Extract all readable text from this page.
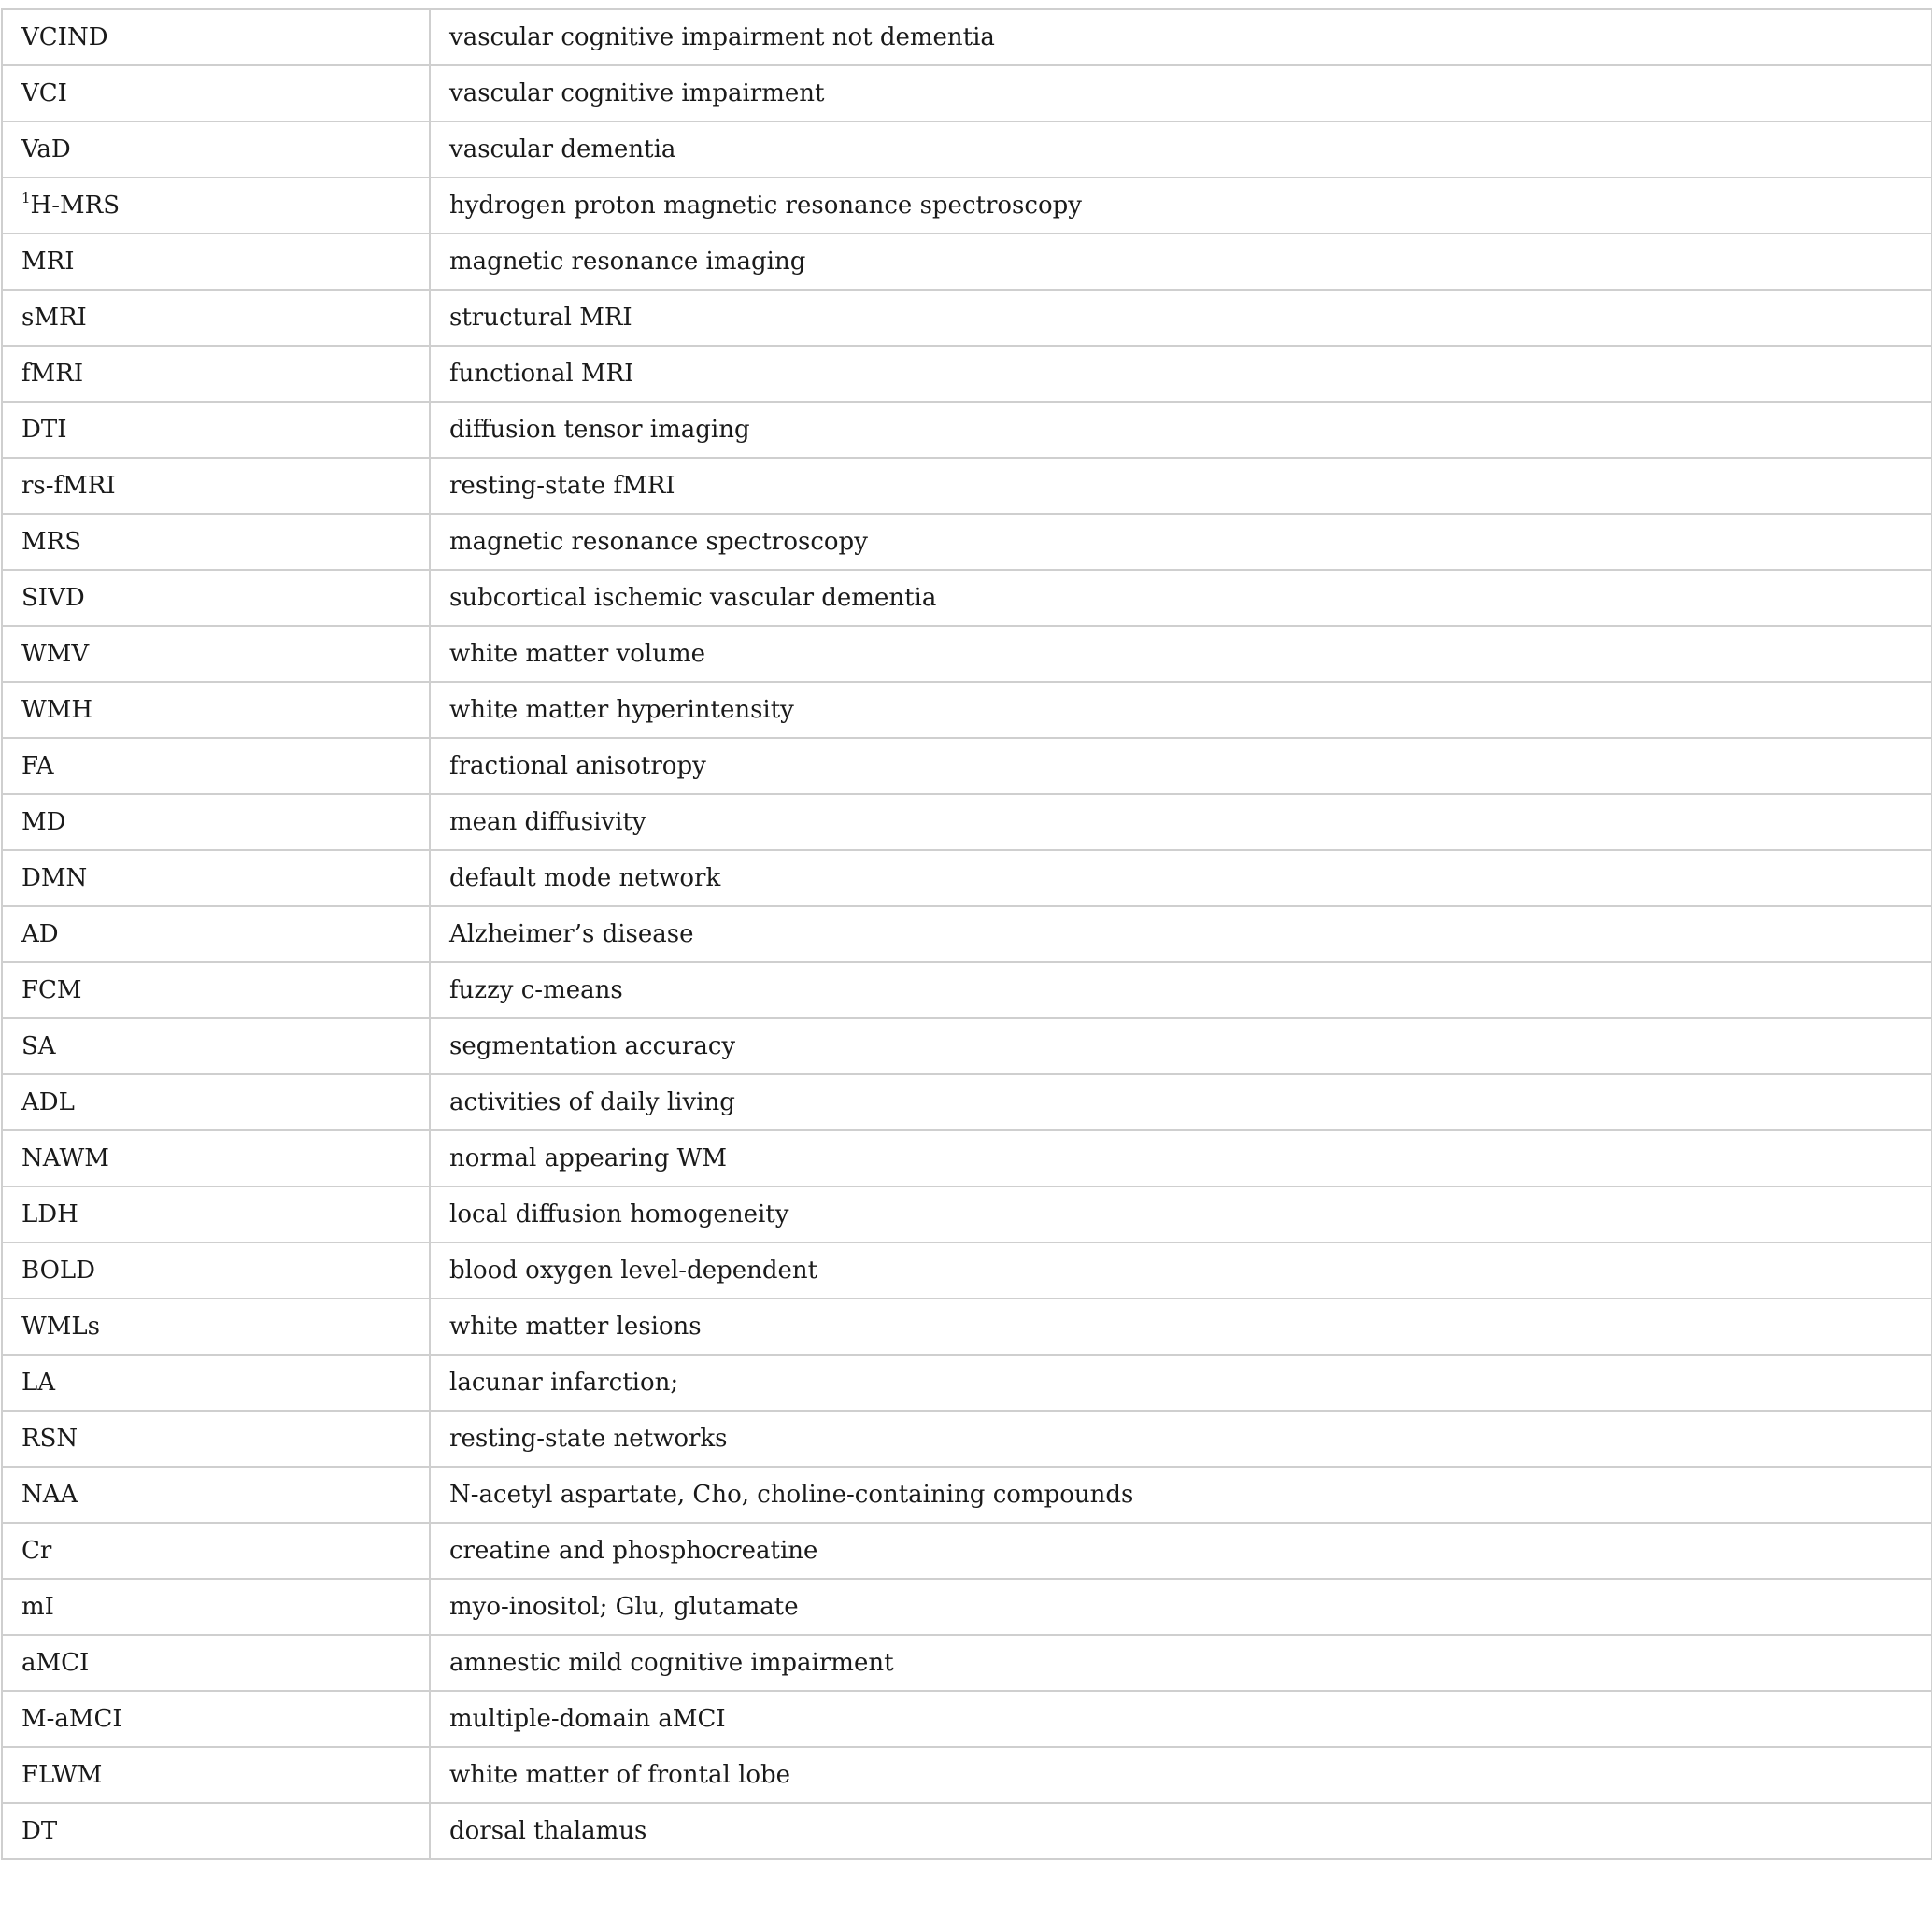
VCIND	vascular cognitive impairment not dementia
VCI	vascular cognitive impairment
VaD	vascular dementia
$^1$H-MRS	hydrogen proton magnetic resonance spectroscopy
MRI	magnetic resonance imaging
sMRI	structural MRI
fMRI	functional MRI
DTI	diffusion tensor imaging
rs-fMRI	resting-state fMRI
MRS	magnetic resonance spectroscopy
SIVD	subcortical ischemic vascular dementia
WMV	white matter volume
WMH	white matter hyperintensity
FA	fractional anisotropy
MD	mean diffusivity
DMN	default mode network
AD	Alzheimer’s disease
FCM	fuzzy c-means
SA	segmentation accuracy
ADL	activities of daily living
NAWM	normal appearing WM
LDH	local diffusion homogeneity
BOLD	blood oxygen level-dependent
WMLs	white matter lesions
LA	lacunar infarction;
RSN	resting-state networks
NAA	N-acetyl aspartate, Cho, choline-containing compounds
Cr	creatine and phosphocreatine
mI	myo-inositol; Glu, glutamate
aMCI	amnestic mild cognitive impairment
M-aMCI	multiple-domain aMCI
FLWM	white matter of frontal lobe
DT	dorsal thalamus
